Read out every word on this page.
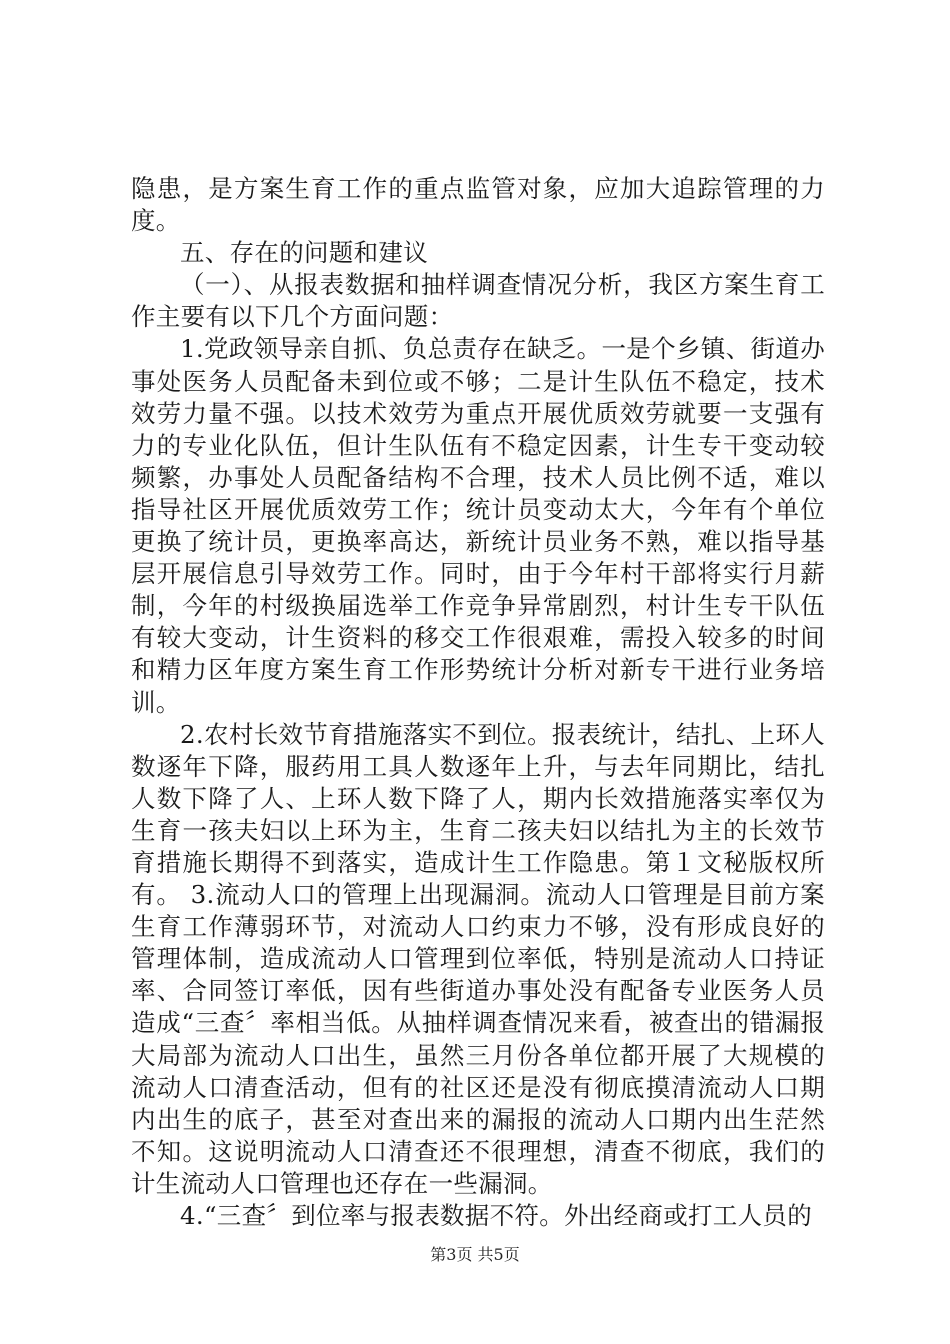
隐患，是方案生育工作的重点监管对象，应加大追踪管理的力度。

五、存在的问题和建议

（一）、从报表数据和抽样调查情况分析，我区方案生育工作主要有以下几个方面问题：

1.党政领导亲自抓、负总责存在缺乏。一是个乡镇、街道办事处医务人员配备未到位或不够；二是计生队伍不稳定，技术效劳力量不强。以技术效劳为重点开展优质效劳就要一支强有力的专业化队伍，但计生队伍有不稳定因素，计生专干变动较频繁，办事处人员配备结构不合理，技术人员比例不适，难以指导社区开展优质效劳工作；统计员变动太大，今年有个单位更换了统计员，更换率高达，新统计员业务不熟，难以指导基层开展信息引导效劳工作。同时，由于今年村干部将实行月薪制，今年的村级换届选举工作竞争异常剧烈，村计生专干队伍有较大变动，计生资料的移交工作很艰难，需投入较多的时间和精力区年度方案生育工作形势统计分析对新专干进行业务培训。

2.农村长效节育措施落实不到位。报表统计，结扎、上环人数逐年下降，服药用工具人数逐年上升，与去年同期比，结扎人数下降了人、上环人数下降了人，期内长效措施落实率仅为生育一孩夫妇以上环为主，生育二孩夫妇以结扎为主的长效节育措施长期得不到落实，造成计生工作隐患。第１文秘版权所有。 3.流动人口的管理上出现漏洞。流动人口管理是目前方案生育工作薄弱环节，对流动人口约束力不够，没有形成良好的管理体制，造成流动人口管理到位率低，特别是流动人口持证率、合同签订率低，因有些街道办事处没有配备专业医务人员造成“三查〞率相当低。从抽样调查情况来看，被查出的错漏报大局部为流动人口出生，虽然三月份各单位都开展了大规模的流动人口清查活动，但有的社区还是没有彻底摸清流动人口期内出生的底子，甚至对查出来的漏报的流动人口期内出生茫然不知。这说明流动人口清查还不很理想，清查不彻底，我们的计生流动人口管理也还存在一些漏洞。

4.“三查〞到位率与报表数据不符。外出经商或打工人员的

第3页 共5页
